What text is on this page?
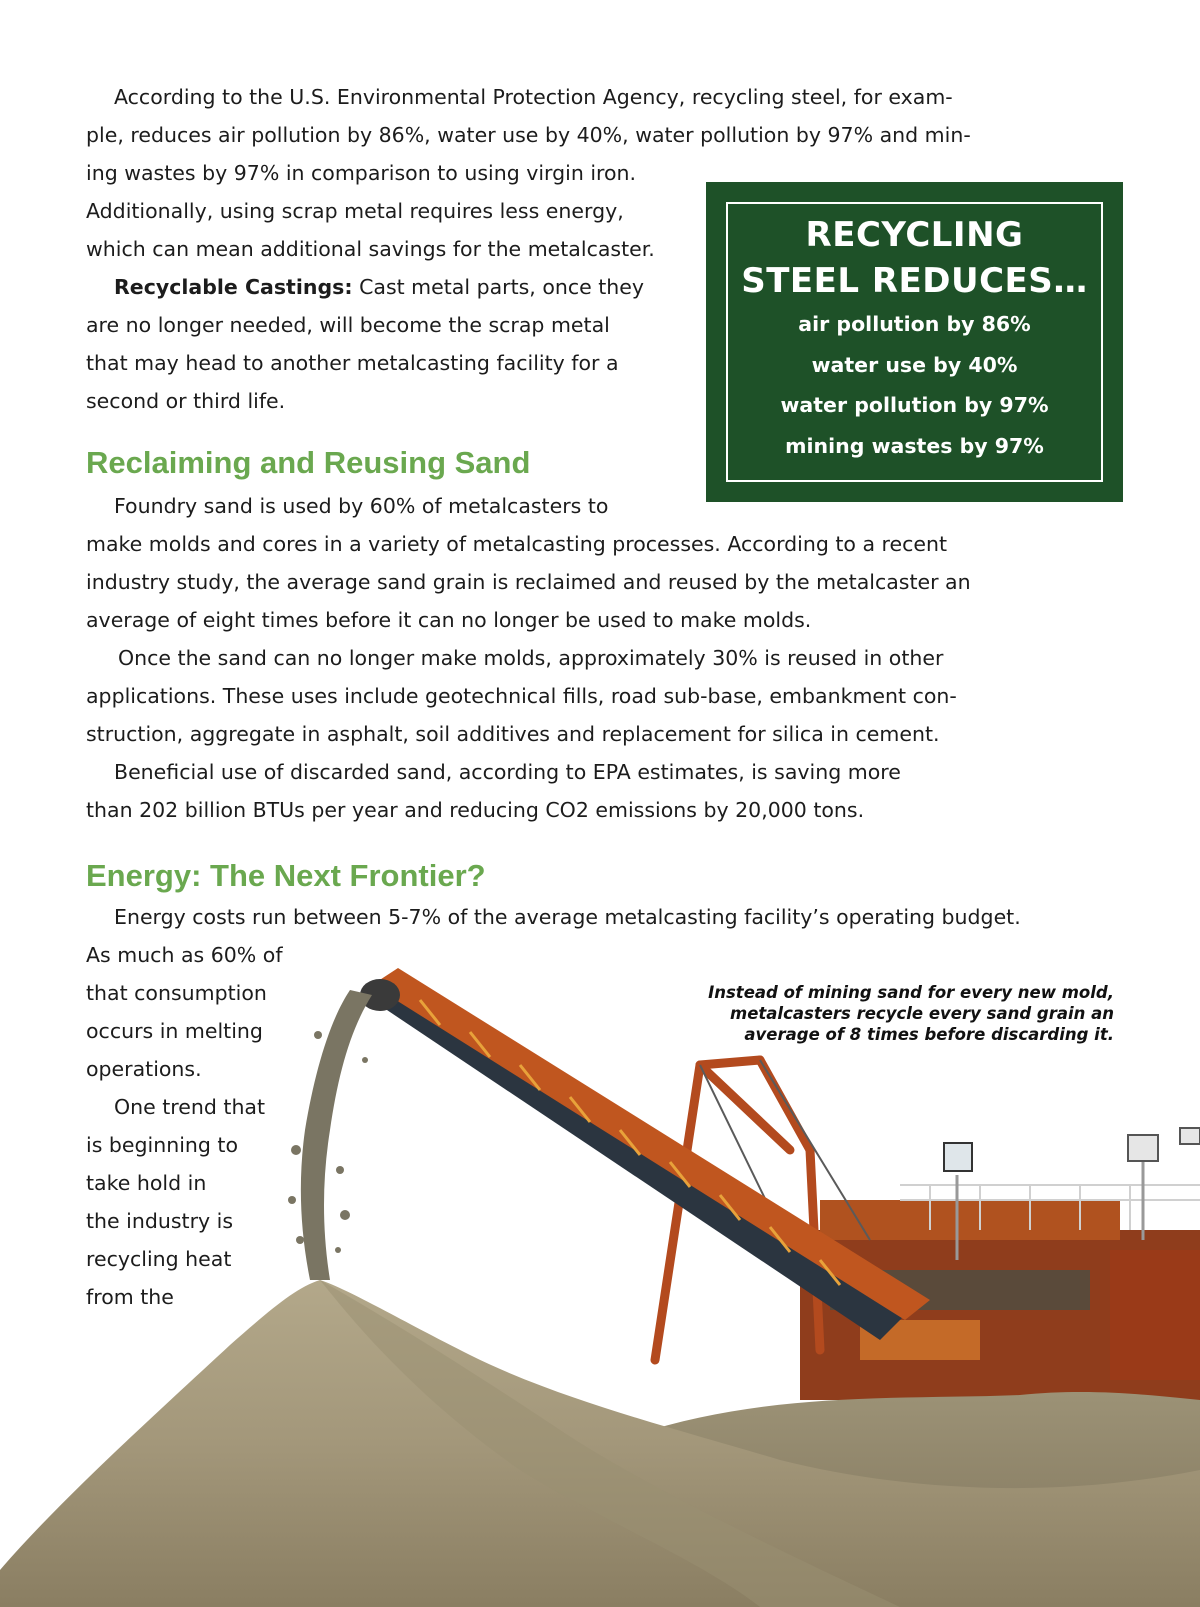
According to the U.S. Environmental Protection Agency, recycling steel, for exam-

ple, reduces air pollution by 86%, water use by 40%, water pollution by 97% and min-

ing wastes by 97% in comparison to using virgin iron.

Additionally, using scrap metal requires less energy,

which can mean additional savings for the metalcaster.

Recyclable Castings: Cast metal parts, once they

are no longer needed, will become the scrap metal

that may head to another metalcasting facility for a

second or third life.

RECYCLING
STEEL REDUCES…
air pollution by 86%
water use by 40%
water pollution by 97%
mining wastes by 97%
Reclaiming and Reusing Sand

Foundry sand is used by 60% of metalcasters to

make molds and cores in a variety of metalcasting processes. According to a recent

industry study, the average sand grain is reclaimed and reused by the metalcaster an

average of eight times before it can no longer be used to make molds.

Once the sand can no longer make molds, approximately 30% is reused in other

applications. These uses include geotechnical fills, road sub-base, embankment con-

struction, aggregate in asphalt, soil additives and replacement for silica in cement.

Beneficial use of discarded sand, according to EPA estimates, is saving more

than 202 billion BTUs per year and reducing CO2 emissions by 20,000 tons.

Energy: The Next Frontier?

Energy costs run between 5-7% of the average metalcasting facility’s operating budget.

As much as 60% of

that consumption

occurs in melting

operations.

One trend that

is beginning to

take hold in

the industry is

recycling heat

from the

Instead of mining sand for every new mold,
metalcasters recycle every sand grain an
average of 8 times before discarding it.
